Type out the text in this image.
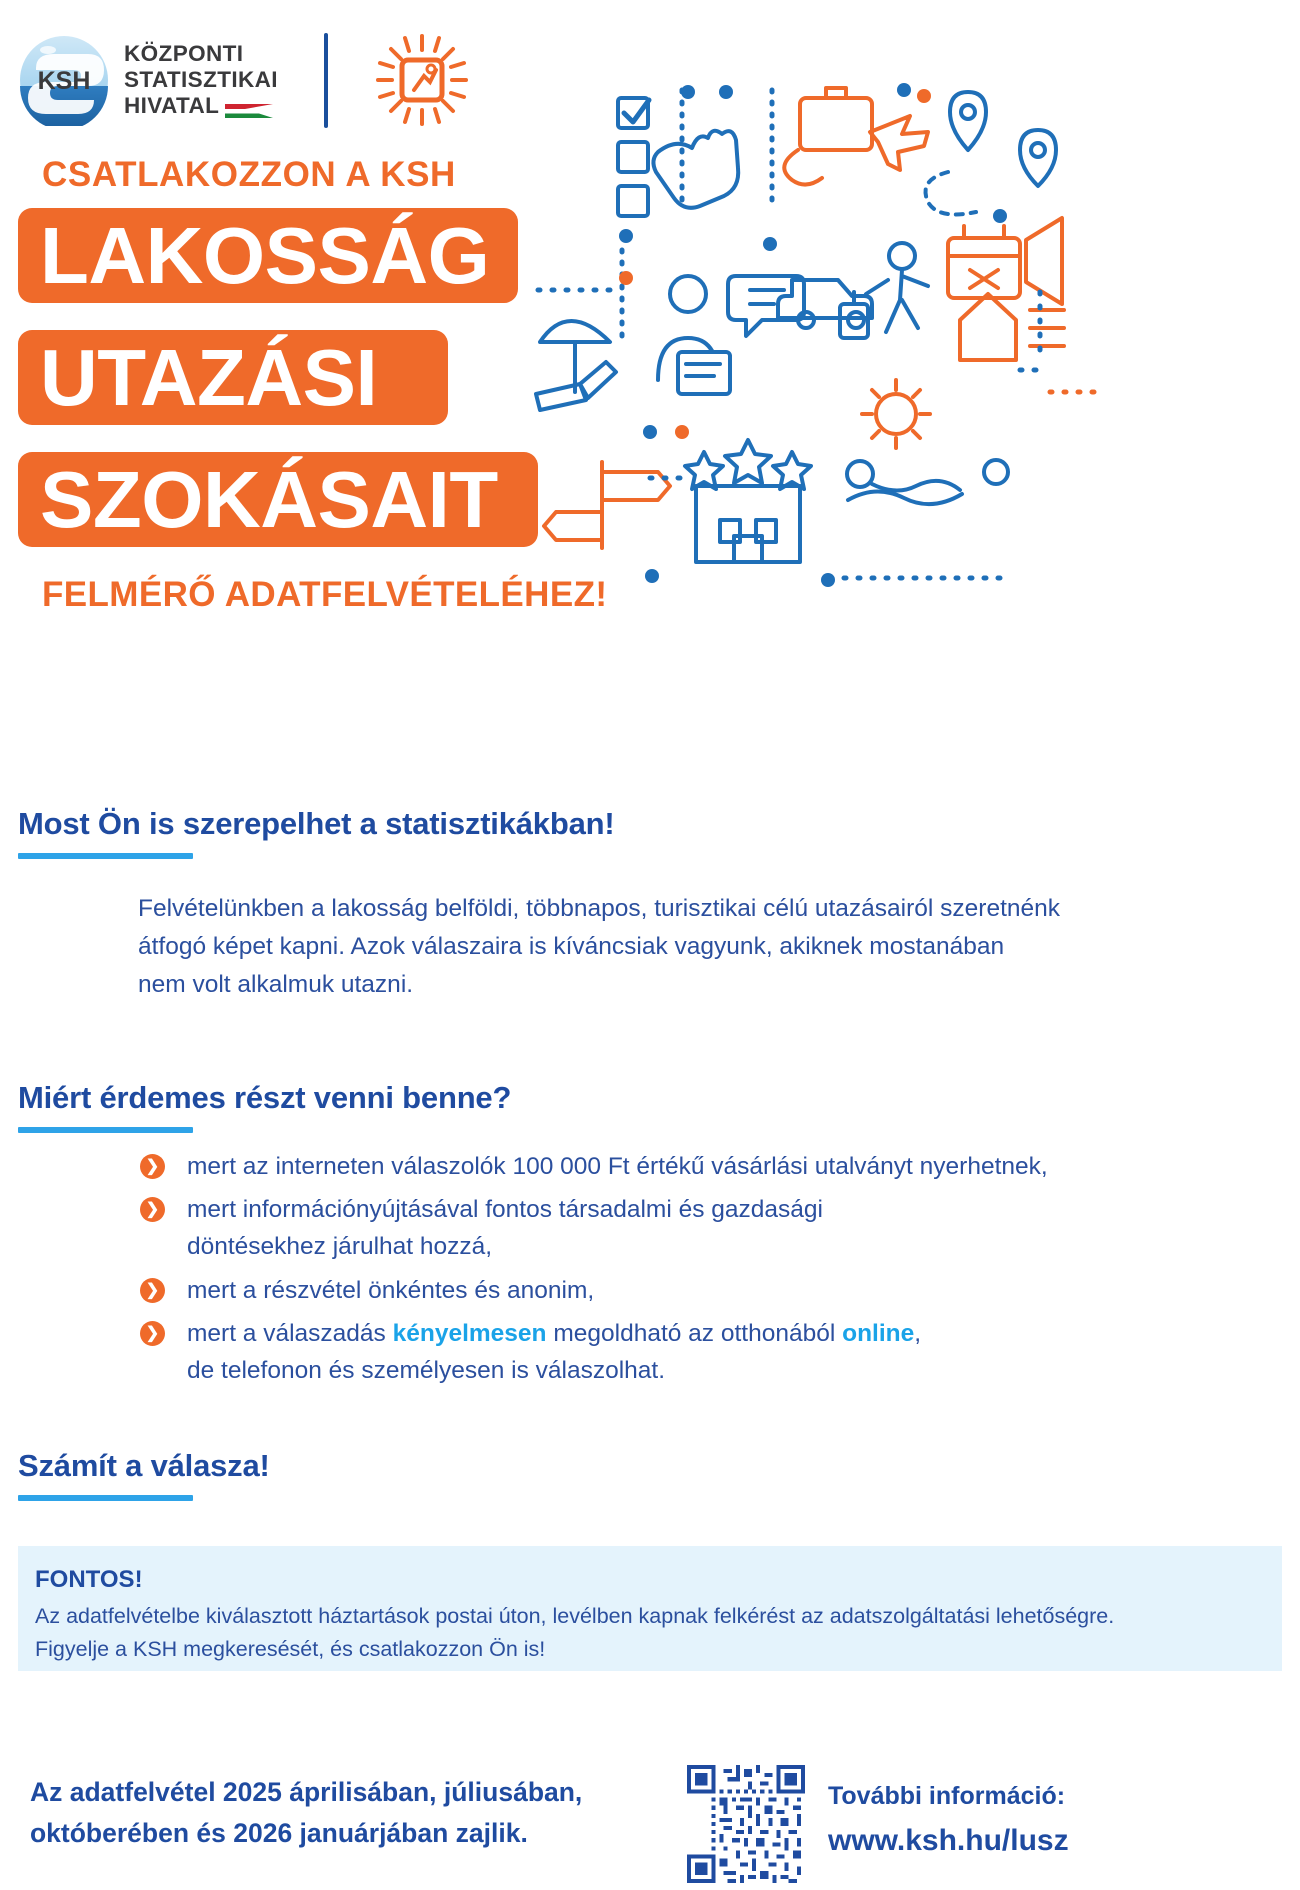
KSH
KÖZPONTI
STATISZTIKAI
HIVATAL
CSATLAKOZZON A KSH
LAKOSSÁG
UTAZÁSI
SZOKÁSAIT
FELMÉRŐ ADATFELVÉTELÉHEZ!
Most Ön is szerepelhet a statisztikákban!
Felvételünkben a lakosság belföldi, többnapos, turisztikai célú utazásairól szeretnénk
átfogó képet kapni. Azok válaszaira is kíváncsiak vagyunk, akiknek mostanában
nem volt alkalmuk utazni.
Miért érdemes részt venni benne?
❯ mert az interneten válaszolók 100 000 Ft értékű vásárlási utalványt nyerhetnek,
❯ mert információnyújtásával fontos társadalmi és gazdasági
döntésekhez járulhat hozzá,
❯ mert a részvétel önkéntes és anonim,
❯ mert a válaszadás kényelmesen megoldható az otthonából online,
de telefonon és személyesen is válaszolhat.
Számít a válasza!
FONTOS!
Az adatfelvételbe kiválasztott háztartások postai úton, levélben kapnak felkérést az adatszolgáltatási lehetőségre.
Figyelje a KSH megkeresését, és csatlakozzon Ön is!
Az adatfelvétel 2025 áprilisában, júliusában,
októberében és 2026 januárjában zajlik.
További információ:
www.ksh.hu/lusz
